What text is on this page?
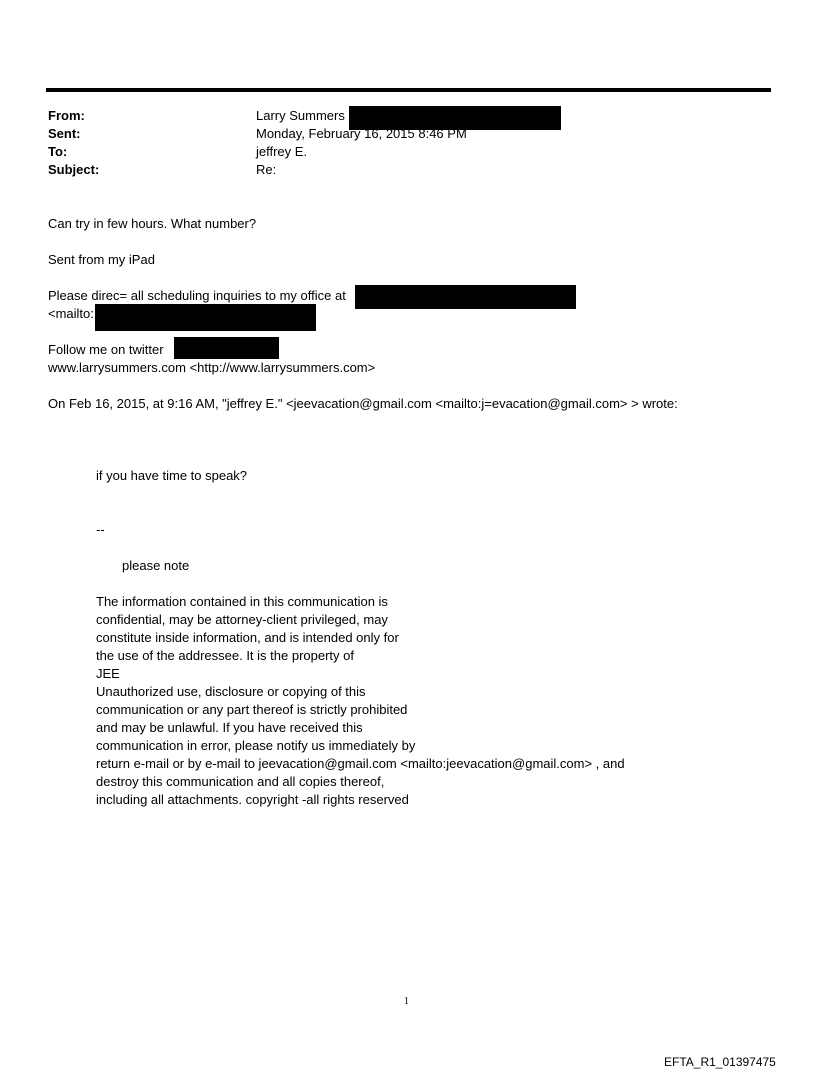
From:	Larry Summers
Sent:	Monday, February 16, 2015 8:46 PM
To:	jeffrey E.
Subject:	Re:
Can try in few hours. What number?
Sent from my iPad
Please direc= all scheduling inquiries to my office at
<mailto:
Follow me on twitter
www.larrysummers.com <http://www.larrysummers.com>
On Feb 16, 2015, at 9:16 AM, "jeffrey E." <jeevacation@gmail.com <mailto:j=evacation@gmail.com> > wrote:
if you have time to speak?
--
please note
The information contained in this communication is
confidential, may be attorney-client privileged, may
constitute inside information, and is intended only for
the use of the addressee. It is the property of
JEE
Unauthorized use, disclosure or copying of this
communication or any part thereof is strictly prohibited
and may be unlawful. If you have received this
communication in error, please notify us immediately by
return e-mail or by e-mail to jeevacation@gmail.com <mailto:jeevacation@gmail.com> , and
destroy this communication and all copies thereof,
including all attachments. copyright -all rights reserved
1
EFTA_R1_01397475
